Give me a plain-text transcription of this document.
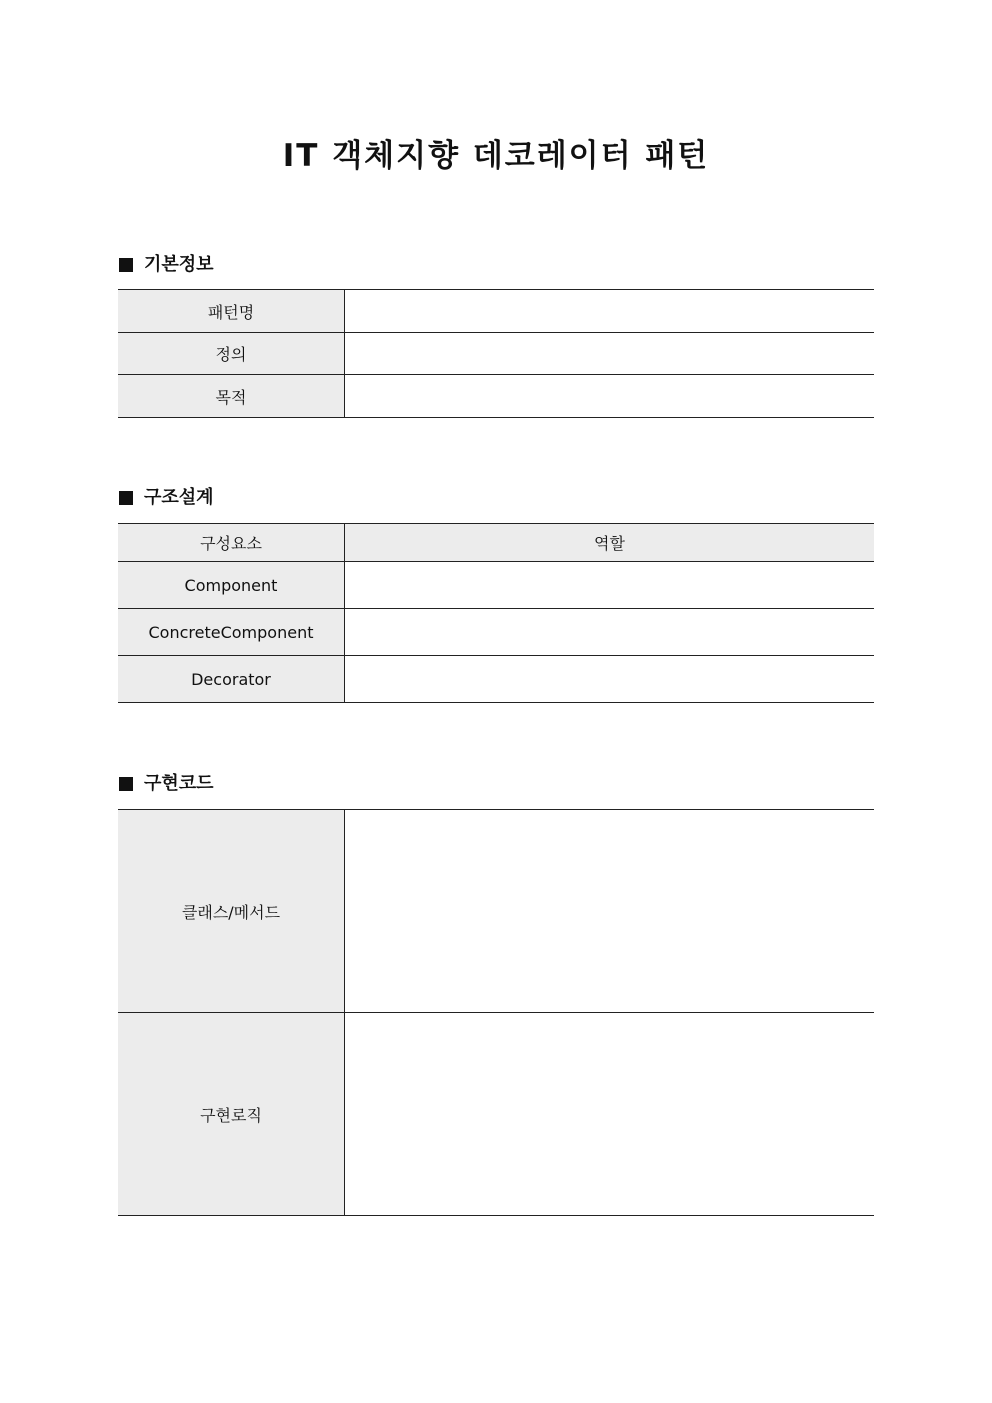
IT 객체지향 데코레이터 패턴
기본정보
패턴명	
정의	
목적	
구조설계
구성요소	역할
Component	
ConcreteComponent	
Decorator	
구현코드
클래스/메서드	
구현로직	
